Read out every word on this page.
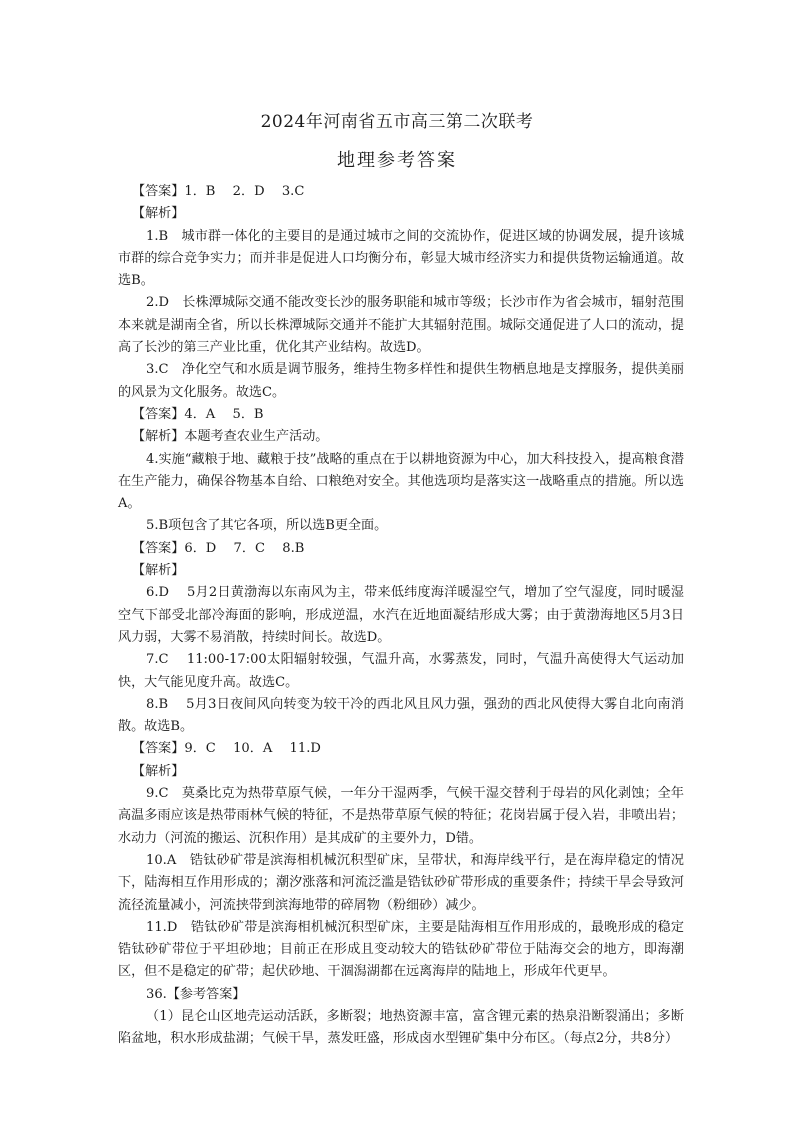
2024年河南省五市高三第二次联考
地理参考答案

【答案】1．B　 2．D　 3.C

【解析】

1.B　城市群一体化的主要目的是通过城市之间的交流协作，促进区域的协调发展，提升该城市群的综合竞争实力；而并非是促进人口均衡分布，彰显大城市经济实力和提供货物运输通道。故选B。

2.D　长株潭城际交通不能改变长沙的服务职能和城市等级；长沙市作为省会城市，辐射范围本来就是湖南全省，所以长株潭城际交通并不能扩大其辐射范围。城际交通促进了人口的流动，提高了长沙的第三产业比重，优化其产业结构。故选D。

3.C　净化空气和水质是调节服务，维持生物多样性和提供生物栖息地是支撑服务，提供美丽的风景为文化服务。故选C。

【答案】4．A　 5．B

【解析】本题考查农业生产活动。

4.实施“藏粮于地、藏粮于技”战略的重点在于以耕地资源为中心，加大科技投入，提高粮食潜在生产能力，确保谷物基本自给、口粮绝对安全。其他选项均是落实这一战略重点的措施。所以选A。

5.B项包含了其它各项，所以选B更全面。

【答案】6．D　 7．C　 8.B

【解析】

6.D　 5月2日黄渤海以东南风为主，带来低纬度海洋暖湿空气，增加了空气湿度，同时暖湿空气下部受北部冷海面的影响，形成逆温，水汽在近地面凝结形成大雾；由于黄渤海地区5月3日风力弱，大雾不易消散，持续时间长。故选D。

7.C　 11:00-17:00太阳辐射较强，气温升高，水雾蒸发，同时，气温升高使得大气运动加快，大气能见度升高。故选C。

8.B　 5月3日夜间风向转变为较干冷的西北风且风力强，强劲的西北风使得大雾自北向南消散。故选B。

【答案】9．C　 10．A　 11.D

【解析】

9.C　莫桑比克为热带草原气候，一年分干湿两季，气候干湿交替利于母岩的风化剥蚀；全年高温多雨应该是热带雨林气候的特征，不是热带草原气候的特征；花岗岩属于侵入岩，非喷出岩；水动力（河流的搬运、沉积作用）是其成矿的主要外力，D错。

10.A　锆钛砂矿带是滨海相机械沉积型矿床，呈带状，和海岸线平行，是在海岸稳定的情况下，陆海相互作用形成的；潮汐涨落和河流泛滥是锆钛砂矿带形成的重要条件；持续干旱会导致河流径流量减小，河流挟带到滨海地带的碎屑物（粉细砂）减少。

11.D　锆钛砂矿带是滨海相机械沉积型矿床，主要是陆海相互作用形成的，最晚形成的稳定锆钛砂矿带位于平坦砂地；目前正在形成且变动较大的锆钛砂矿带位于陆海交会的地方，即海潮区，但不是稳定的矿带；起伏砂地、干涸潟湖都在远离海岸的陆地上，形成年代更早。

36.【参考答案】

（1）昆仑山区地壳运动活跃，多断裂；地热资源丰富，富含锂元素的热泉沿断裂涌出；多断陷盆地，积水形成盐湖；气候干旱，蒸发旺盛，形成卤水型锂矿集中分布区。（每点2分，共8分）
